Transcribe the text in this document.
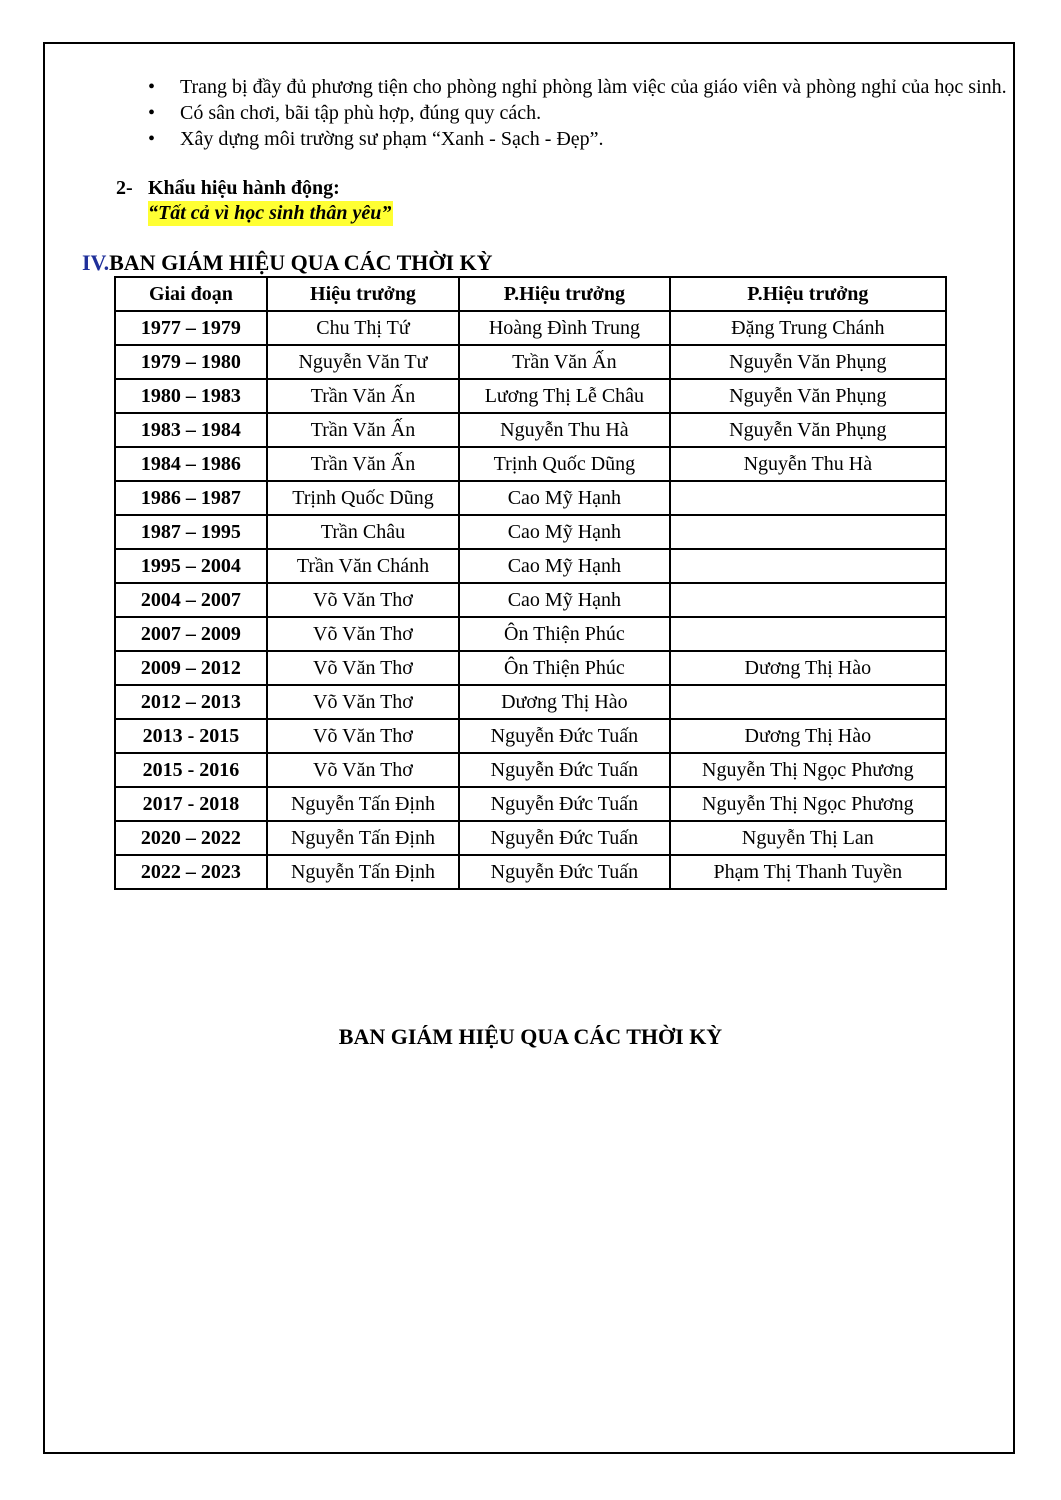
• Trang bị đầy đủ phương tiện cho phòng nghỉ phòng làm việc của giáo viên và phòng nghỉ của học sinh.
• Có sân chơi, bãi tập phù hợp, đúng quy cách.
• Xây dựng môi trường sư phạm “Xanh - Sạch - Đẹp”.
2- Khẩu hiệu hành động:
“Tất cả vì học sinh thân yêu”
IV.BAN GIÁM HIỆU QUA CÁC THỜI KỲ
Giai đoạn	Hiệu trưởng	P.Hiệu trưởng	P.Hiệu trưởng
1977 – 1979	Chu Thị Tứ	Hoàng Đình Trung	Đặng Trung Chánh
1979 – 1980	Nguyễn Văn Tư	Trần Văn Ấn	Nguyễn Văn Phụng
1980 – 1983	Trần Văn Ấn	Lương Thị Lễ Châu	Nguyễn Văn Phụng
1983 – 1984	Trần Văn Ấn	Nguyễn Thu Hà	Nguyễn Văn Phụng
1984 – 1986	Trần Văn Ấn	Trịnh Quốc Dũng	Nguyễn Thu Hà
1986 – 1987	Trịnh Quốc Dũng	Cao Mỹ Hạnh	
1987 – 1995	Trần Châu	Cao Mỹ Hạnh	
1995 – 2004	Trần Văn Chánh	Cao Mỹ Hạnh	
2004 – 2007	Võ Văn Thơ	Cao Mỹ Hạnh	
2007 – 2009	Võ Văn Thơ	Ôn Thiện Phúc	
2009 – 2012	Võ Văn Thơ	Ôn Thiện Phúc	Dương Thị Hào
2012 – 2013	Võ Văn Thơ	Dương Thị Hào	
2013 - 2015	Võ Văn Thơ	Nguyễn Đức Tuấn	Dương Thị Hào
2015 - 2016	Võ Văn Thơ	Nguyễn Đức Tuấn	Nguyễn Thị Ngọc Phương
2017 - 2018	Nguyễn Tấn Định	Nguyễn Đức Tuấn	Nguyễn Thị Ngọc Phương
2020 – 2022	Nguyễn Tấn Định	Nguyễn Đức Tuấn	Nguyễn Thị Lan
2022 – 2023	Nguyễn Tấn Định	Nguyễn Đức Tuấn	Phạm Thị Thanh Tuyền
BAN GIÁM HIỆU QUA CÁC THỜI KỲ
